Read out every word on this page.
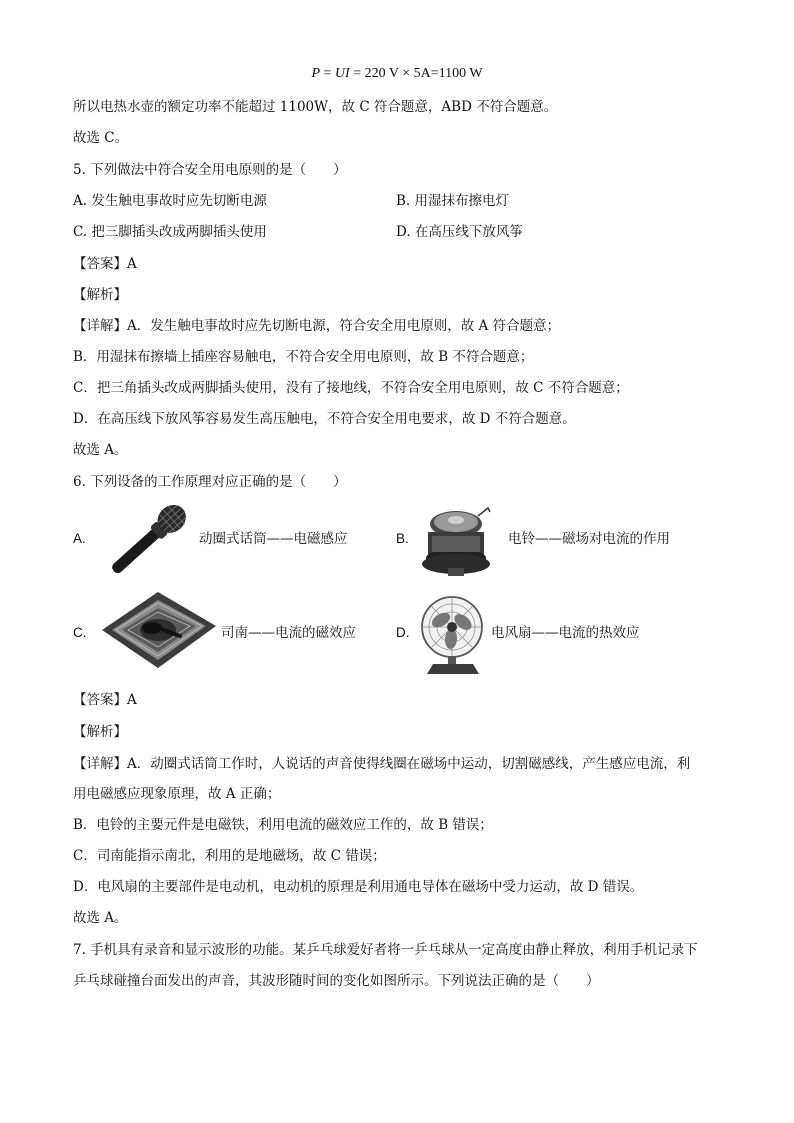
P = UI = 220 V × 5A=1100 W
所以电热水壶的额定功率不能超过 1100W，故 C 符合题意，ABD 不符合题意。
故选 C。
5. 下列做法中符合安全用电原则的是（　　）
A. 发生触电事故时应先切断电源	B. 用湿抹布擦电灯
C. 把三脚插头改成两脚插头使用	D. 在高压线下放风筝
【答案】A
【解析】
【详解】A．发生触电事故时应先切断电源，符合安全用电原则，故 A 符合题意；
B．用湿抹布擦墙上插座容易触电，不符合安全用电原则，故 B 不符合题意；
C．把三角插头改成两脚插头使用，没有了接地线，不符合安全用电原则，故 C 不符合题意；
D．在高压线下放风筝容易发生高压触电，不符合安全用电要求，故 D 不符合题意。
故选 A。
6. 下列设备的工作原理对应正确的是（　　）
A.	动圈式话筒——电磁感应	B.	电铃——磁场对电流的作用
C.	司南——电流的磁效应	D.	电风扇——电流的热效应
【答案】A
【解析】
【详解】A．动圈式话筒工作时，人说话的声音使得线圈在磁场中运动，切割磁感线，产生感应电流，利
用电磁感应现象原理，故 A 正确；
B．电铃的主要元件是电磁铁，利用电流的磁效应工作的，故 B 错误；
C．司南能指示南北，利用的是地磁场，故 C 错误；
D．电风扇的主要部件是电动机，电动机的原理是利用通电导体在磁场中受力运动，故 D 错误。
故选 A。
7. 手机具有录音和显示波形的功能。某乒乓球爱好者将一乒乓球从一定高度由静止释放，利用手机记录下
乒乓球碰撞台面发出的声音，其波形随时间的变化如图所示。下列说法正确的是（　　）
